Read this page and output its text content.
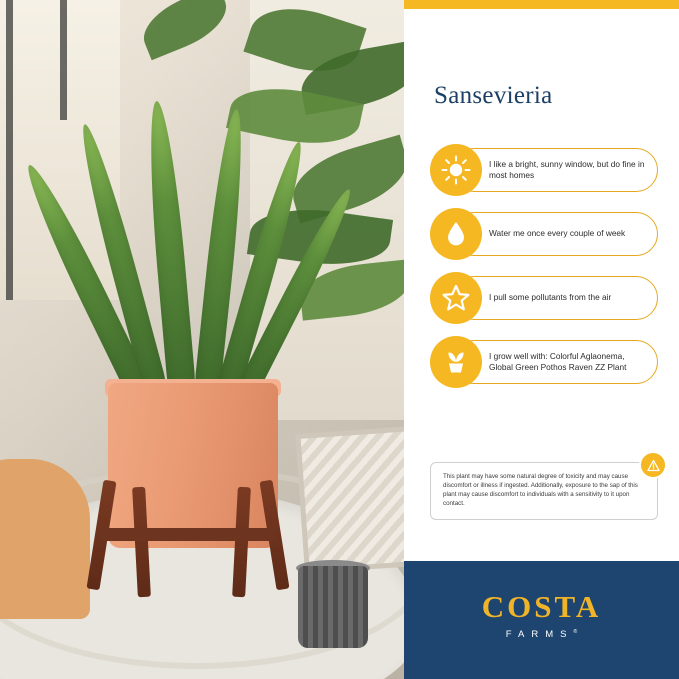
Sansevieria
I like a bright, sunny window, but do fine in most homes
Water me once every couple of week
I pull some pollutants from the air
I grow well with: Colorful Aglaonema, Global Green Pothos Raven ZZ Plant
This plant may have some natural degree of toxicity and may cause discomfort or illness if ingested. Additionally, exposure to the sap of this plant may cause discomfort to individuals with a sensitivity to it upon contact.
COSTA
FARMS®
